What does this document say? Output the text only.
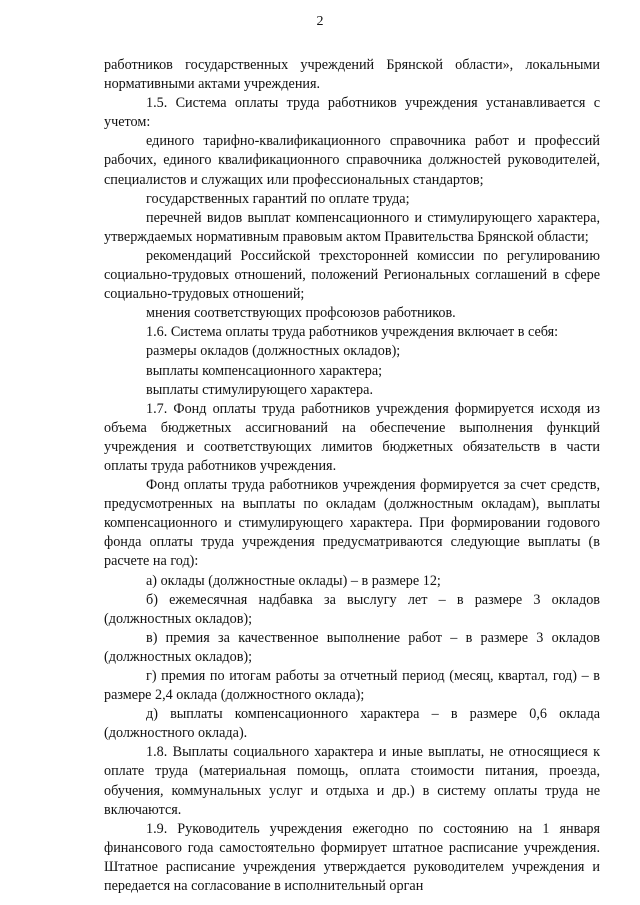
2

работников государственных учреждений Брянской области», локальными нормативными актами учреждения.

1.5. Система оплаты труда работников учреждения устанавливается с учетом:

единого тарифно-квалификационного справочника работ и профессий рабочих, единого квалификационного справочника должностей руководителей, специалистов и служащих или профессиональных стандартов;

государственных гарантий по оплате труда;

перечней видов выплат компенсационного и стимулирующего характера, утверждаемых нормативным правовым актом Правительства Брянской области;

рекомендаций Российской трехсторонней комиссии по регулированию социально-трудовых отношений, положений Региональных соглашений в сфере социально-трудовых отношений;

мнения соответствующих профсоюзов работников.

1.6. Система оплаты труда работников учреждения включает в себя:

размеры окладов (должностных окладов);

выплаты компенсационного характера;

выплаты стимулирующего характера.

1.7. Фонд оплаты труда работников учреждения формируется исходя из объема бюджетных ассигнований на обеспечение выполнения функций учреждения и соответствующих лимитов бюджетных обязательств в части оплаты труда работников учреждения.

Фонд оплаты труда работников учреждения формируется за счет средств, предусмотренных на выплаты по окладам (должностным окладам), выплаты компенсационного и стимулирующего характера. При формировании годового фонда оплаты труда учреждения предусматриваются следующие выплаты (в расчете на год):

а) оклады (должностные оклады) – в размере 12;

б) ежемесячная надбавка за выслугу лет – в размере 3 окладов (должностных окладов);

в) премия за качественное выполнение работ – в размере 3 окладов (должностных окладов);

г) премия по итогам работы за отчетный период (месяц, квартал, год) – в размере 2,4 оклада (должностного оклада);

д) выплаты компенсационного характера – в размере 0,6 оклада (должностного оклада).

1.8. Выплаты социального характера и иные выплаты, не относящиеся к оплате труда (материальная помощь, оплата стоимости питания, проезда, обучения, коммунальных услуг и отдыха и др.) в систему оплаты труда не включаются.

1.9. Руководитель учреждения ежегодно по состоянию на 1 января финансового года самостоятельно формирует штатное расписание учреждения. Штатное расписание учреждения утверждается руководителем учреждения и передается на согласование в исполнительный орган
